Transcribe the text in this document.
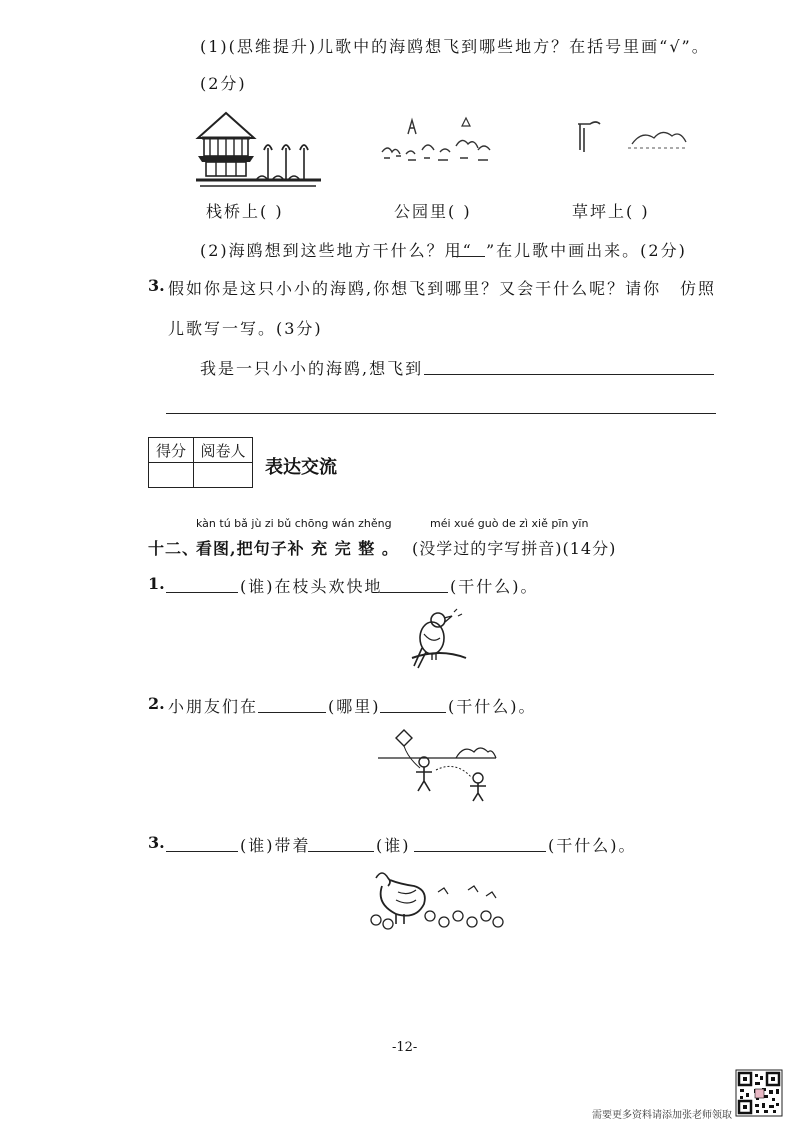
(1)(思维提升)儿歌中的海鸥想飞到哪些地方？在括号里画“√”。
(2分)
栈桥上( )	公园里( )	草坪上( )
(2)海鸥想到这些地方干什么？用“ ”在儿歌中画出来。(2分)
3. 假如你是这只小小的海鸥,你想飞到哪里？又会干什么呢？请你 仿照
儿歌写一写。(3分)
我是一只小小的海鸥,想飞到
得分	阅卷人

表达交流
kàn tú bǎ jù zi bǔ chōng wán zhěng	méi xué guò de zì xiě pīn yīn
十二、
看图,把句子补 充 完 整 。 (没学过的字写拼音)(14分)
1.	(谁)在枝头欢快地	(干什么)。
2. 小朋友们在	(哪里)	(干什么)。
3.	(谁)带着	(谁)	(干什么)。
-12-
需要更多资料请添加张老师领取
